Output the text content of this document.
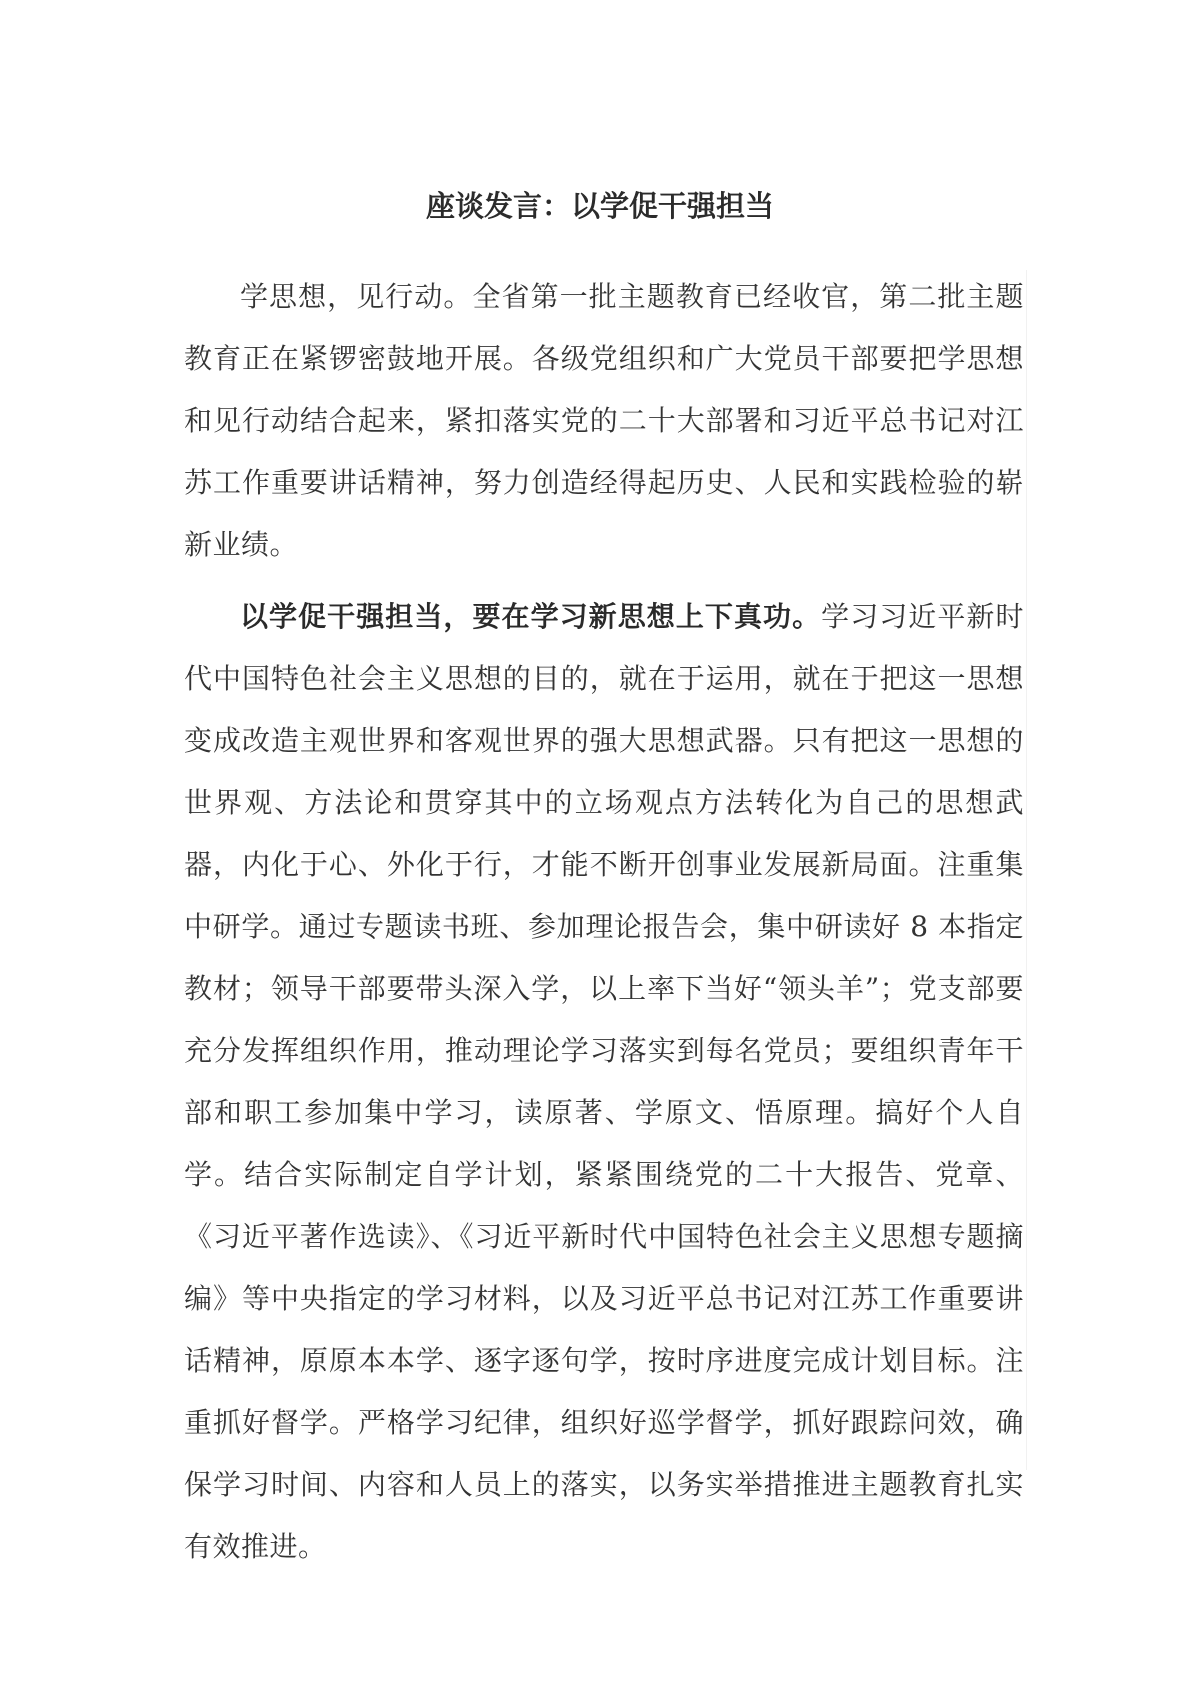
座谈发言：以学促干强担当

学思想，见行动。全省第一批主题教育已经收官，第二批主题教育正在紧锣密鼓地开展。各级党组织和广大党员干部要把学思想和见行动结合起来，紧扣落实党的二十大部署和习近平总书记对江苏工作重要讲话精神，努力创造经得起历史、人民和实践检验的崭新业绩。

以学促干强担当，要在学习新思想上下真功。学习习近平新时代中国特色社会主义思想的目的，就在于运用，就在于把这一思想变成改造主观世界和客观世界的强大思想武器。只有把这一思想的世界观、方法论和贯穿其中的立场观点方法转化为自己的思想武器，内化于心、外化于行，才能不断开创事业发展新局面。注重集中研学。通过专题读书班、参加理论报告会，集中研读好 8 本指定教材；领导干部要带头深入学，以上率下当好“领头羊”；党支部要充分发挥组织作用，推动理论学习落实到每名党员；要组织青年干部和职工参加集中学习，读原著、学原文、悟原理。搞好个人自学。结合实际制定自学计划，紧紧围绕党的二十大报告、党章、《习近平著作选读》、《习近平新时代中国特色社会主义思想专题摘编》等中央指定的学习材料，以及习近平总书记对江苏工作重要讲话精神，原原本本学、逐字逐句学，按时序进度完成计划目标。注重抓好督学。严格学习纪律，组织好巡学督学，抓好跟踪问效，确保学习时间、内容和人员上的落实，以务实举措推进主题教育扎实有效推进。
